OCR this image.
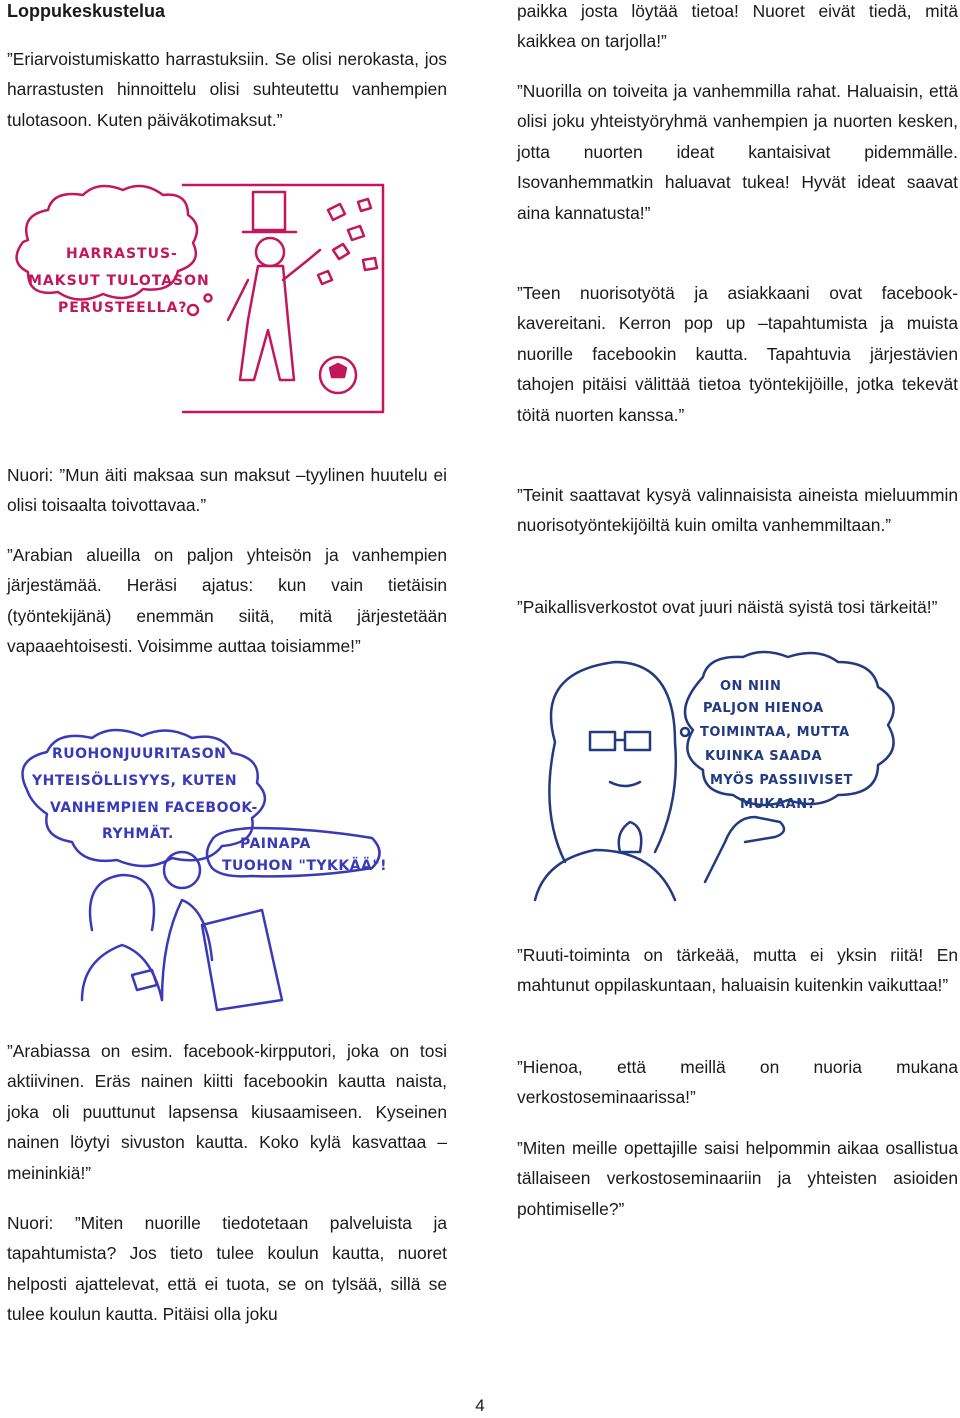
Loppukeskustelua

”Eriarvoistumiskatto harrastuksiin. Se olisi nerokasta, jos harrastusten hinnoittelu olisi suhteutettu vanhempien tulotasoon. Kuten päiväkotimaksut.”

HARRASTUS-
MAKSUT TULOTASON
PERUSTEELLA?

Nuori: ”Mun äiti maksaa sun maksut –tyylinen huutelu ei olisi toisaalta toivottavaa.”

”Arabian alueilla on paljon yhteisön ja vanhempien järjestämää. Heräsi ajatus: kun vain tietäisin (työntekijänä) enemmän siitä, mitä järjestetään vapaaehtoisesti. Voisimme auttaa toisiamme!”

RUOHONJUURITASON
YHTEISÖLLISYYS, KUTEN
VANHEMPIEN FACEBOOK-
RYHMÄT.
PAINAPA
TUOHON "TYKKÄÄ"!

”Arabiassa on esim. facebook-kirpputori, joka on tosi aktiivinen. Eräs nainen kiitti facebookin kautta naista, joka oli puuttunut lapsensa kiusaamiseen. Kyseinen nainen löytyi sivuston kautta. Koko kylä kasvattaa –meininkiä!”

Nuori: ”Miten nuorille tiedotetaan palveluista ja tapahtumista? Jos tieto tulee koulun kautta, nuoret helposti ajattelevat, että ei tuota, se on tylsää, sillä se tulee koulun kautta. Pitäisi olla joku

paikka josta löytää tietoa! Nuoret eivät tiedä, mitä kaikkea on tarjolla!”

”Nuorilla on toiveita ja vanhemmilla rahat. Haluaisin, että olisi joku yhteistyöryhmä vanhempien ja nuorten kesken, jotta nuorten ideat kantaisivat pidemmälle. Isovanhemmatkin haluavat tukea! Hyvät ideat saavat aina kannatusta!”

”Teen nuorisotyötä ja asiakkaani ovat facebook-kavereitani. Kerron pop up –tapahtumista ja muista nuorille facebookin kautta. Tapahtuvia järjestävien tahojen pitäisi välittää tietoa työntekijöille, jotka tekevät töitä nuorten kanssa.”

”Teinit saattavat kysyä valinnaisista aineista mieluummin nuorisotyöntekijöiltä kuin omilta vanhemmiltaan.”

”Paikallisverkostot ovat juuri näistä syistä tosi tärkeitä!”

ON NIIN
PALJON HIENOA
TOIMINTAA, MUTTA
KUINKA SAADA
MYÖS PASSIIVISET
MUKAAN?

”Ruuti-toiminta on tärkeää, mutta ei yksin riitä! En mahtunut oppilaskuntaan, haluaisin kuitenkin vaikuttaa!”

”Hienoa, että meillä on nuoria mukana verkostoseminaarissa!”

”Miten meille opettajille saisi helpommin aikaa osallistua tällaiseen verkostoseminaariin ja yhteisten asioiden pohtimiselle?”

4
